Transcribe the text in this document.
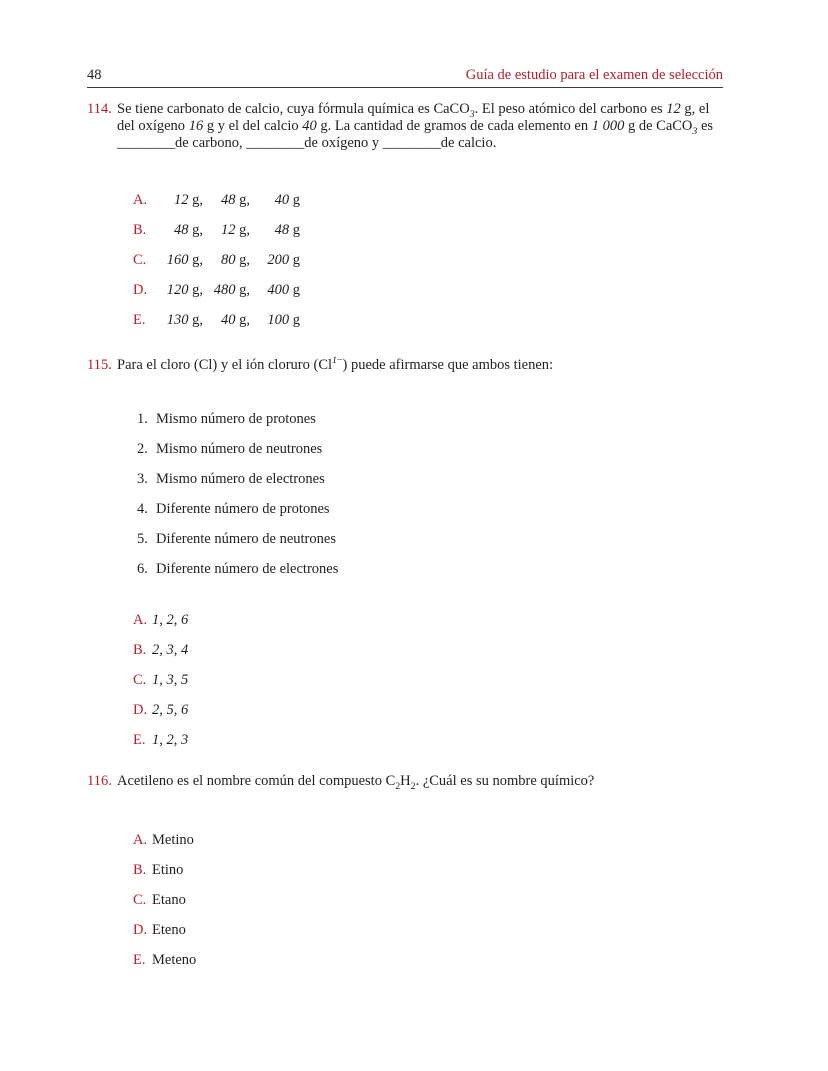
48	Guía de estudio para el examen de selección
114. Se tiene carbonato de calcio, cuya fórmula química es CaCO$_3$. El peso atómico del carbono es 12 g, el del oxígeno 16 g y el del calcio 40 g. La cantidad de gramos de cada elemento en 1 000 g de CaCO$_3$ es ________de carbono, ________de oxígeno y ________de calcio.
A.	12 g,	48 g,	40 g
B.	48 g,	12 g,	48 g
C.	160 g,	80 g,	200 g
D.	120 g, 480 g,	400 g
E.	130 g,	40 g,	100 g
115. Para el cloro (Cl) y el ión cloruro $(Cl^{1-})$ puede afirmarse que ambos tienen:
1. Mismo número de protones
2. Mismo número de neutrones
3. Mismo número de electrones
4. Diferente número de protones
5. Diferente número de neutrones
6. Diferente número de electrones
A. 1, 2, 6
B. 2, 3, 4
C. 1, 3, 5
D. 2, 5, 6
E. 1, 2, 3
116. Acetileno es el nombre común del compuesto $C_2H_2$. ¿Cuál es su nombre químico?
A. Metino
B. Etino
C. Etano
D. Eteno
E. Meteno
